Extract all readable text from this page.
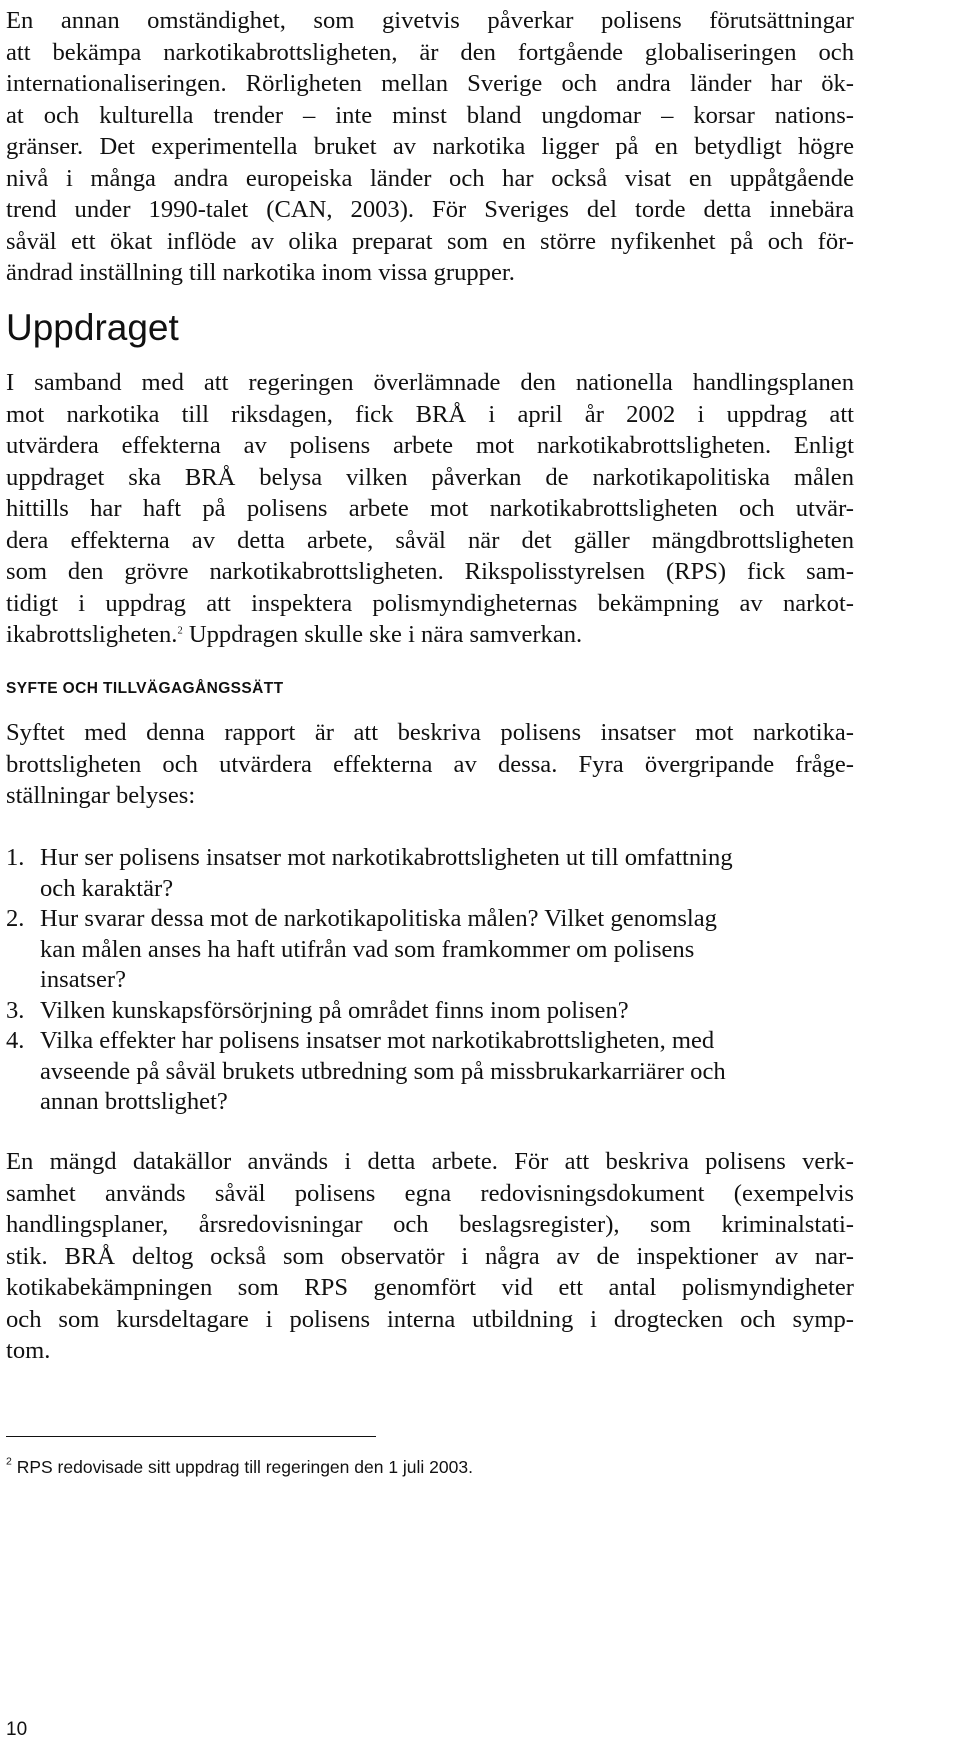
En annan omständighet, som givetvis påverkar polisens förutsättningar
att bekämpa narkotikabrottsligheten, är den fortgående globaliseringen och
internationaliseringen. Rörligheten mellan Sverige och andra länder har ök-
at och kulturella trender – inte minst bland ungdomar – korsar nations-
gränser. Det experimentella bruket av narkotika ligger på en betydligt högre
nivå i många andra europeiska länder och har också visat en uppåtgående
trend under 1990-talet (CAN, 2003). För Sveriges del torde detta innebära
såväl ett ökat inflöde av olika preparat som en större nyfikenhet på och för-
ändrad inställning till narkotika inom vissa grupper.

Uppdraget

I samband med att regeringen överlämnade den nationella handlingsplanen
mot narkotika till riksdagen, fick BRÅ i april år 2002 i uppdrag att
utvärdera effekterna av polisens arbete mot narkotikabrottsligheten. Enligt
uppdraget ska BRÅ belysa vilken påverkan de narkotikapolitiska målen
hittills har haft på polisens arbete mot narkotikabrottsligheten och utvär-
dera effekterna av detta arbete, såväl när det gäller mängdbrottsligheten
som den grövre narkotikabrottsligheten. Rikspolisstyrelsen (RPS) fick sam-
tidigt i uppdrag att inspektera polismyndigheternas bekämpning av narkot-
ikabrottsligheten.$^2$ Uppdragen skulle ske i nära samverkan.

SYFTE OCH TILLVÄGAGÅNGSSÄTT

Syftet med denna rapport är att beskriva polisens insatser mot narkotika-
brottsligheten och utvärdera effekterna av dessa. Fyra övergripande fråge-
ställningar belyses:

1. Hur ser polisens insatser mot narkotikabrottsligheten ut till omfattning
och karaktär?
2. Hur svarar dessa mot de narkotikapolitiska målen? Vilket genomslag
kan målen anses ha haft utifrån vad som framkommer om polisens
insatser?
3. Vilken kunskapsförsörjning på området finns inom polisen?
4. Vilka effekter har polisens insatser mot narkotikabrottsligheten, med
avseende på såväl brukets utbredning som på missbrukarkarriärer och
annan brottslighet?

En mängd datakällor används i detta arbete. För att beskriva polisens verk-
samhet används såväl polisens egna redovisningsdokument (exempelvis
handlingsplaner, årsredovisningar och beslagsregister), som kriminalstati-
stik. BRÅ deltog också som observatör i några av de inspektioner av nar-
kotikabekämpningen som RPS genomfört vid ett antal polismyndigheter
och som kursdeltagare i polisens interna utbildning i drogtecken och symp-
tom.

$^2$ RPS redovisade sitt uppdrag till regeringen den 1 juli 2003.

10
